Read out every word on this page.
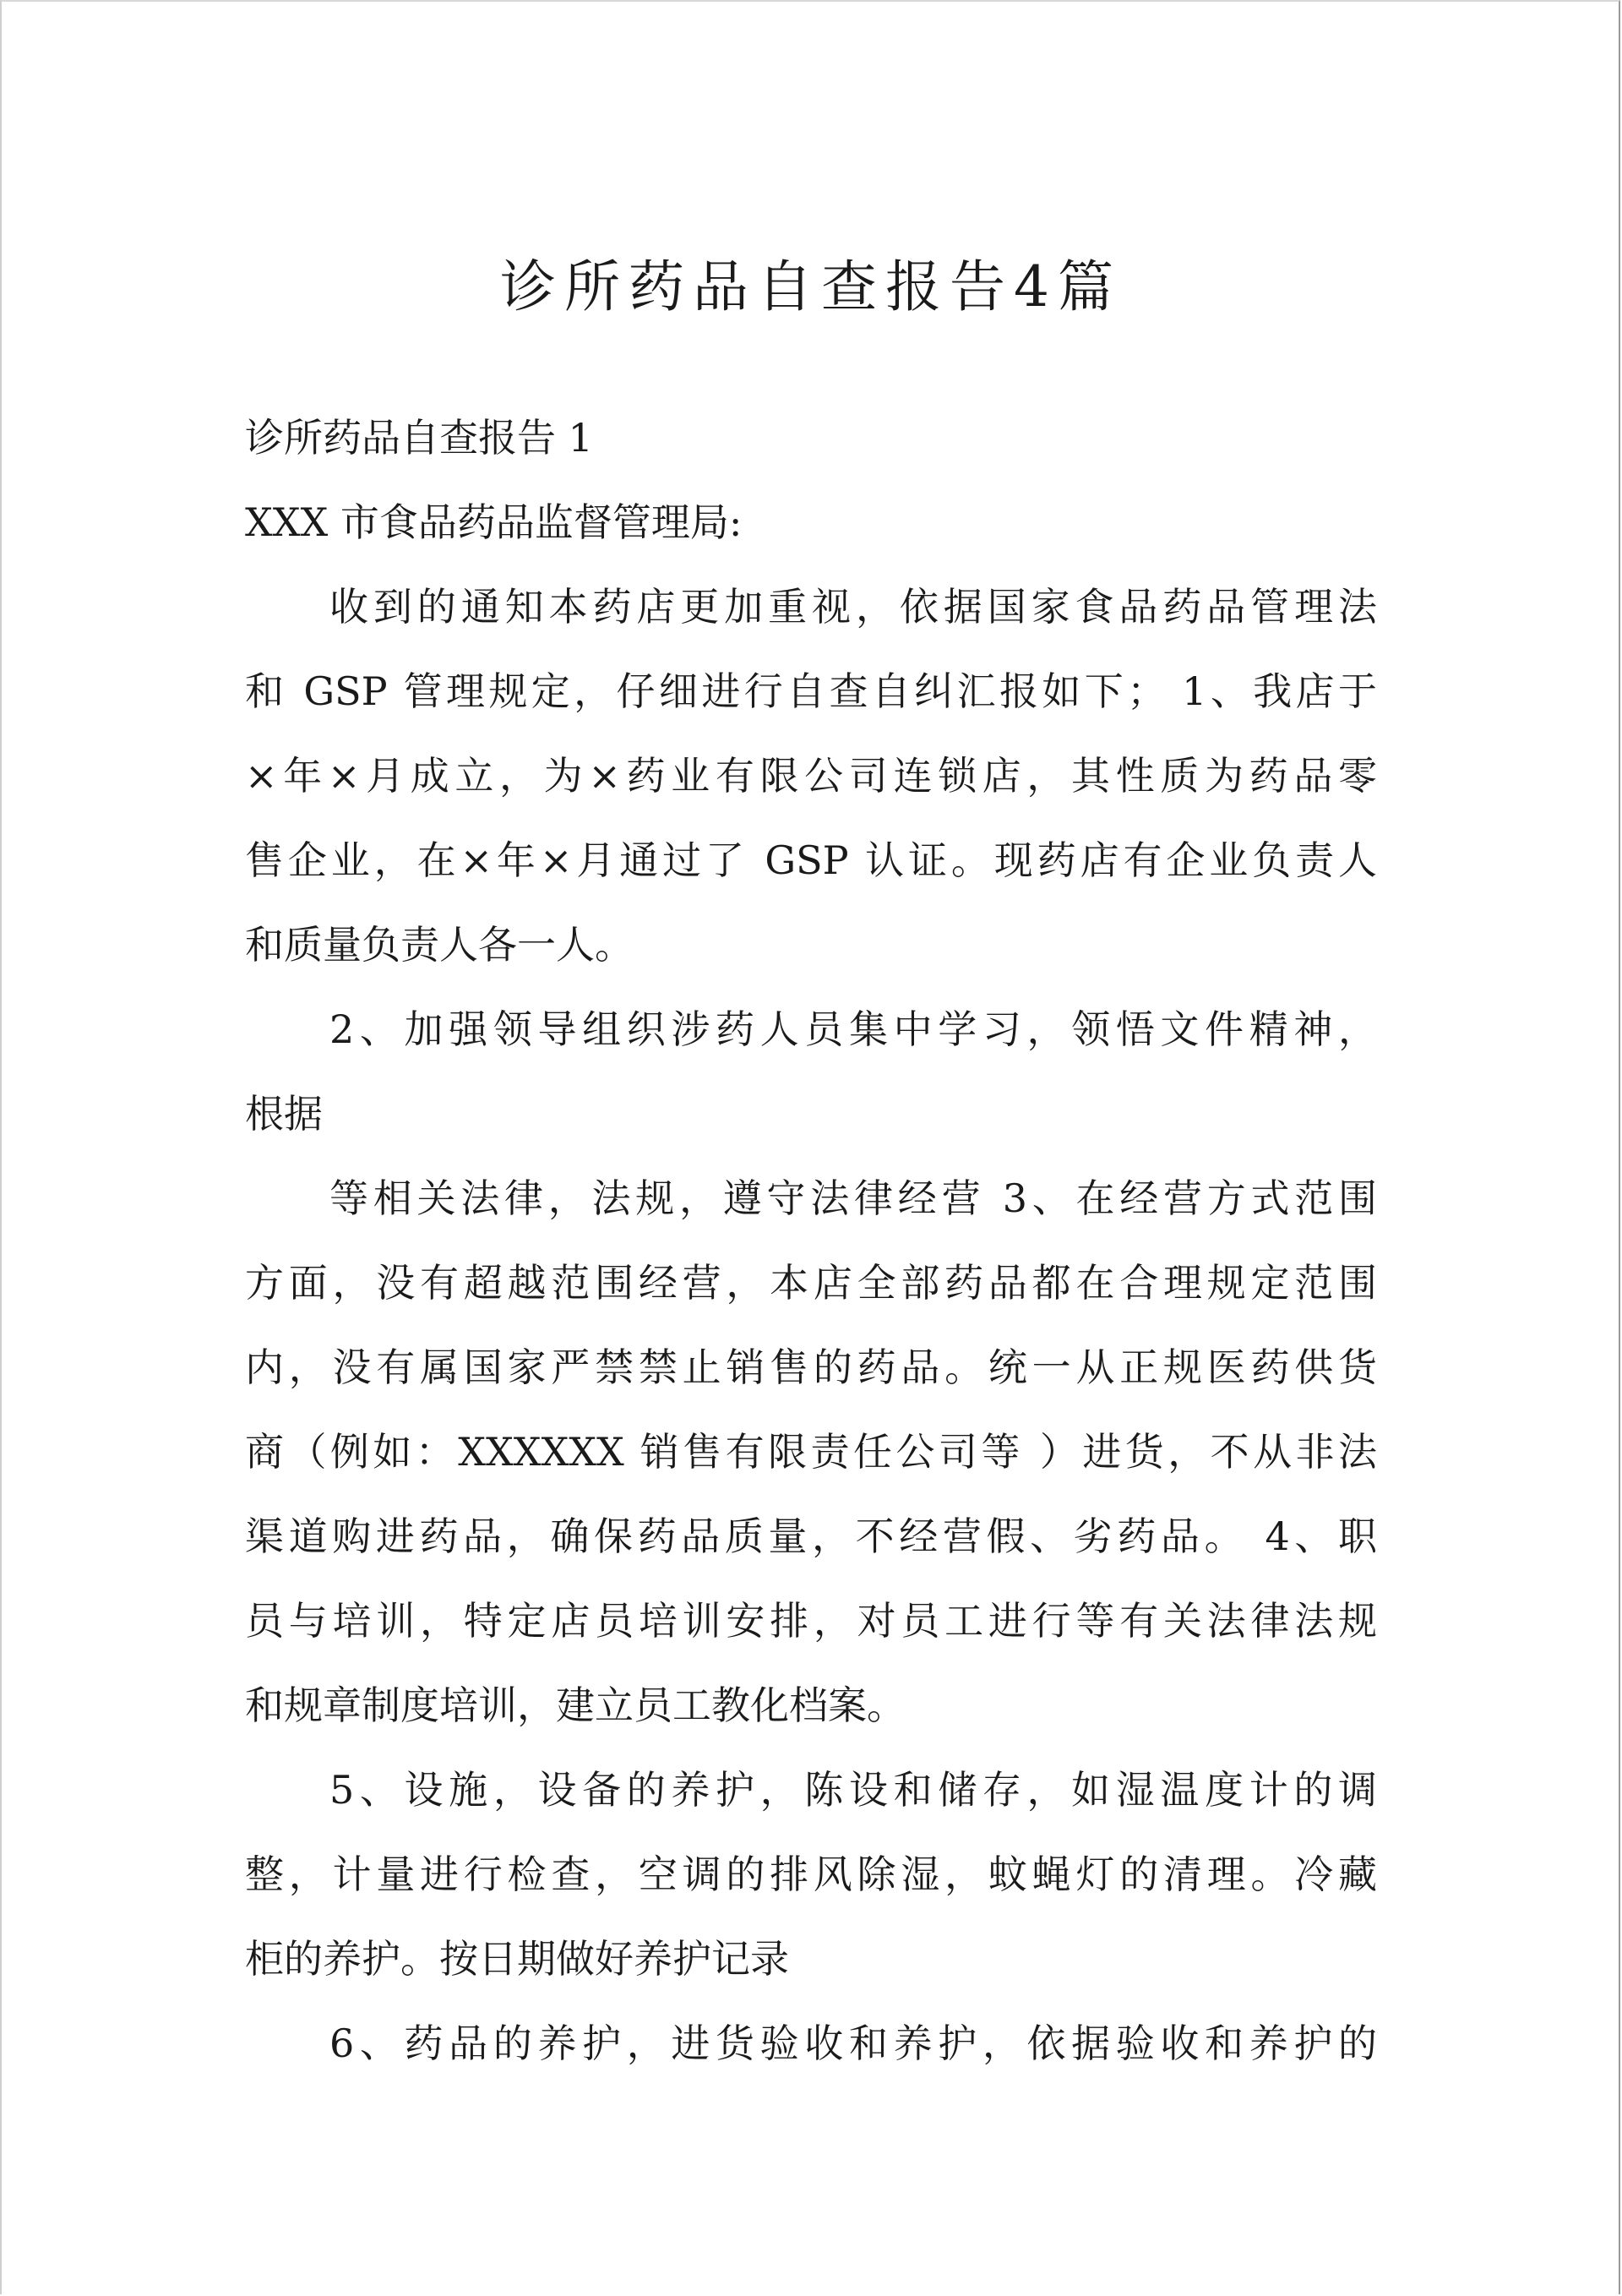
诊所药品自查报告4篇

诊所药品自查报告 1

XXX 市食品药品监督管理局:

收到的通知本药店更加重视，依据国家食品药品管理法

和 GSP 管理规定，仔细进行自查自纠汇报如下； 1、我店于

×年×月成立，为×药业有限公司连锁店，其性质为药品零

售企业，在×年×月通过了 GSP 认证。现药店有企业负责人

和质量负责人各一人。

2、加强领导组织涉药人员集中学习，领悟文件精神，

根据

等相关法律，法规，遵守法律经营 3、在经营方式范围

方面，没有超越范围经营，本店全部药品都在合理规定范围

内，没有属国家严禁禁止销售的药品。统一从正规医药供货

商（例如：XXXXXX 销售有限责任公司等 ）进货，不从非法

渠道购进药品，确保药品质量，不经营假、劣药品。 4、职

员与培训，特定店员培训安排，对员工进行等有关法律法规

和规章制度培训，建立员工教化档案。

5、设施，设备的养护，陈设和储存，如湿温度计的调

整，计量进行检查，空调的排风除湿，蚊蝇灯的清理。冷藏

柜的养护。按日期做好养护记录

6、药品的养护，进货验收和养护，依据验收和养护的
